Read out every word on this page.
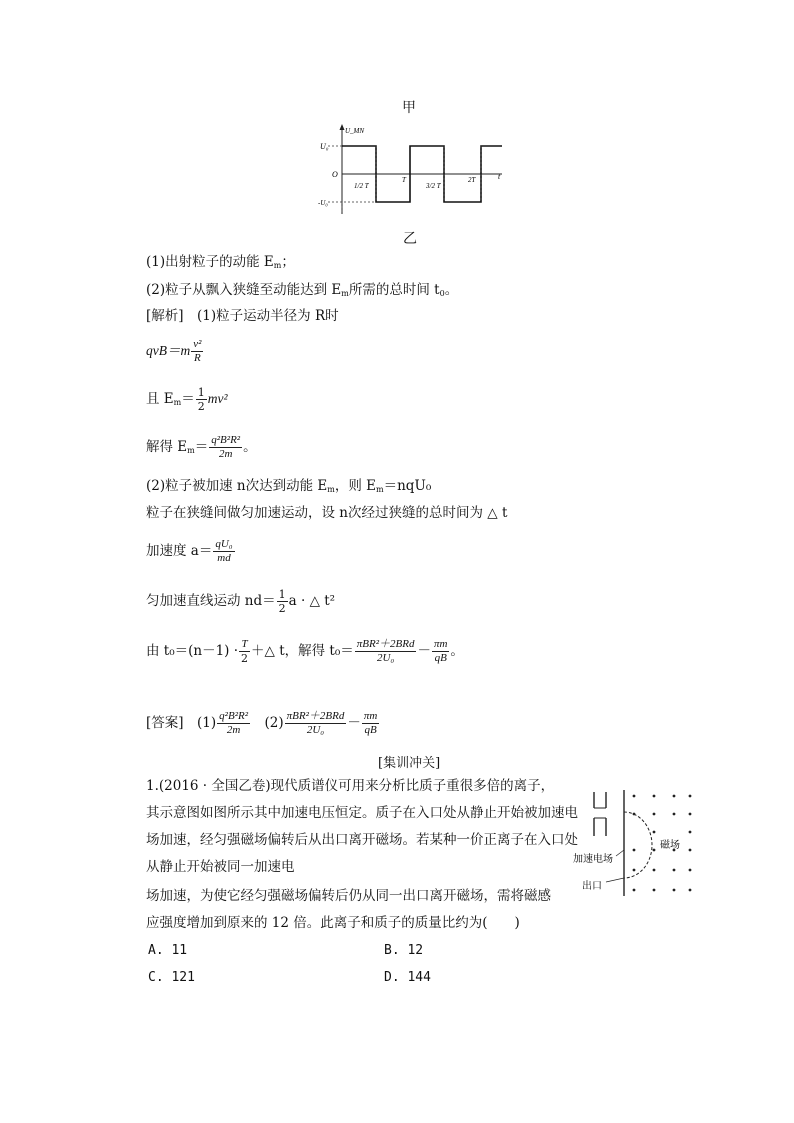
甲
U_MN
U₀
-U₀
O	t
1/2 T
T
3/2 T
2T
乙
(1)出射粒子的动能 $E_m$；
(2)粒子从飘入狭缝至动能达到 $E_m$所需的总时间 $t_0$。
[解析]　(1)粒子运动半径为 R时
$qvB=m \frac{\text{v²}}{R}$
且 $E_m= \frac{1}{2} mv^2$
解得 $E_m= \frac{\text{q²B²R²}}{2m}$ 。
(2)粒子被加速 n次达到动能 $E_m$，则 $E_m=nqU_0$
粒子在狭缝间做匀加速运动，设 n次经过狭缝的总时间为 △ t
加速度 $a= \frac{\text{qU₀}}{md}$
匀加速直线运动 $nd= \frac{1}{2}$ a · △ t²
由 $t_0=(n-1) \cdot \frac{T}{2}$ ＋△ t，解得 $t_0= \frac{\text{πBR²＋2BRd}}{\text{2U₀}} - \frac{\pi m}{qB}$ 。
[答案]　$(1) \frac{\text{q²B²R²}}{2m}$ 　$(2) \frac{\text{πBR²＋2BRd}}{\text{2U₀}} - \frac{\pi m}{qB}$
[集训冲关]
1.(2016 · 全国乙卷)现代质谱仪可用来分析比质子重很多倍的离子，
其示意图如图所示其中加速电压恒定。质子在入口处从静止开始被加速电
场加速，经匀强磁场偏转后从出口离开磁场。若某种一价正离子在入口处
从静止开始被同一加速电
场加速，为使它经匀强磁场偏转后仍从同一出口离开磁场，需将磁感
应强度增加到原来的 12 倍。此离子和质子的质量比约为(　　)
A. 11	B. 12
C. 121	D. 144
磁场
加速电场
出口
